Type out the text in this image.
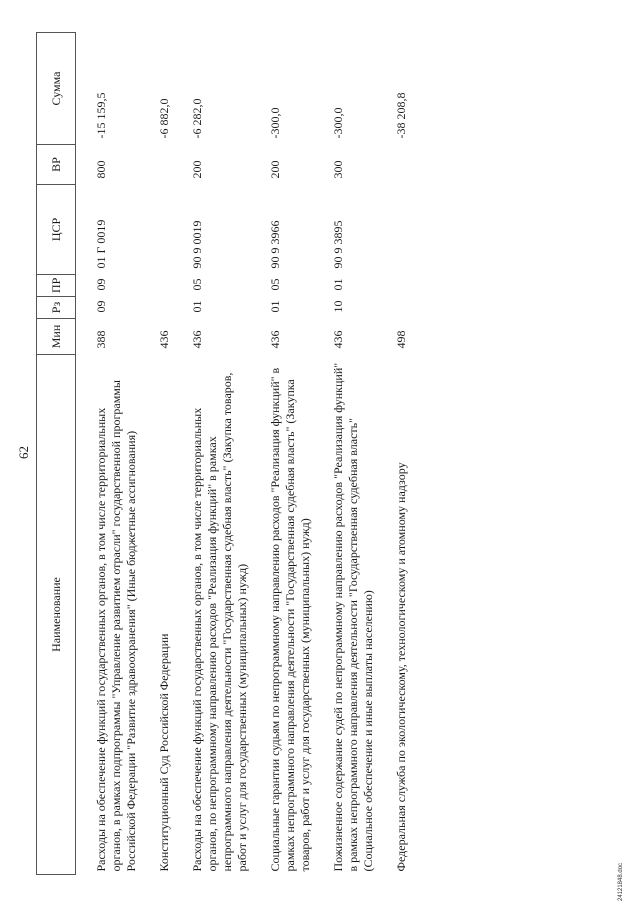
62
Наименование	Мин	Рз	ПР	ЦСР	ВР	Сумма

Расходы на обеспечение функций государственных органов, в том числе территориальных органов, в рамках подпрограммы "Управление развитием отрасли" государственной программы Российской Федерации "Развитие здравоохранения" (Иные бюджетные ассигнования)	388	09	09	01 Г 0019	800	-15 159,5

Конституционный Суд Российской Федерации	436					-6 882,0

Расходы на обеспечение функций государственных органов, в том числе территориальных органов, по непрограммному направлению расходов "Реализация функций" в рамках непрограммного направления деятельности "Государственная судебная власть" (Закупка товаров, работ и услуг для государственных (муниципальных) нужд)	436	01	05	90 9 0019	200	-6 282,0

Социальные гарантии судьям по непрограммному направлению расходов "Реализация функций" в рамках непрограммного направления деятельности "Государственная судебная власть" (Закупка товаров, работ и услуг для государственных (муниципальных) нужд)	436	01	05	90 9 3966	200	-300,0

Пожизненное содержание судей по непрограммному направлению расходов "Реализация функций" в рамках непрограммного направления деятельности "Государственная судебная власть" (Социальное обеспечение и иные выплаты населению)	436	10	01	90 9 3895	300	-300,0

Федеральная служба по экологическому, технологическому и атомному надзору	498					-38 208,8
24121848.doc
